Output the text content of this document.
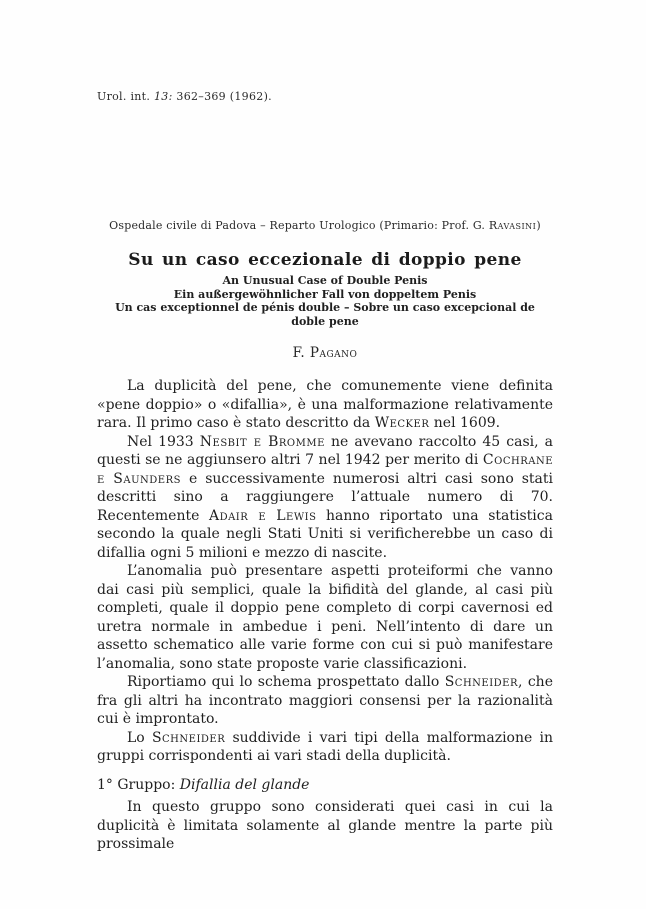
Urol. int. 13: 362–369 (1962).
Ospedale civile di Padova – Reparto Urologico (Primario: Prof. G. Ravasini)
Su un caso eccezionale di doppio pene
An Unusual Case of Double Penis
Ein außergewöhnlicher Fall von doppeltem Penis
Un cas exceptionnel de pénis double – Sobre un caso excepcional de doble pene
F. Pagano

La duplicità del pene, che comunemente viene definita «pene doppio» o «difallia», è una malformazione relativamente rara. Il primo caso è stato descritto da Wecker nel 1609.

Nel 1933 Nesbit e Bromme ne avevano raccolto 45 casi, a questi se ne aggiunsero altri 7 nel 1942 per merito di Cochrane e Saunders e successivamente numerosi altri casi sono stati descritti sino a raggiungere l’attuale numero di 70. Recentemente Adair e Lewis hanno riportato una statistica secondo la quale negli Stati Uniti si verificherebbe un caso di difallia ogni 5 milioni e mezzo di nascite.

L’anomalia può presentare aspetti proteiformi che vanno dai casi più semplici, quale la bifidità del glande, al casi più completi, quale il doppio pene completo di corpi cavernosi ed uretra normale in ambedue i peni. Nell’intento di dare un assetto schematico alle varie forme con cui si può manifestare l’anomalia, sono state proposte varie classificazioni.

Riportiamo qui lo schema prospettato dallo Schneider, che fra gli altri ha incontrato maggiori consensi per la razionalità cui è improntato.

Lo Schneider suddivide i vari tipi della malformazione in gruppi corrispondenti ai vari stadi della duplicità.

1° Gruppo: Difallia del glande

In questo gruppo sono considerati quei casi in cui la duplicità è limitata solamente al glande mentre la parte più prossimale
